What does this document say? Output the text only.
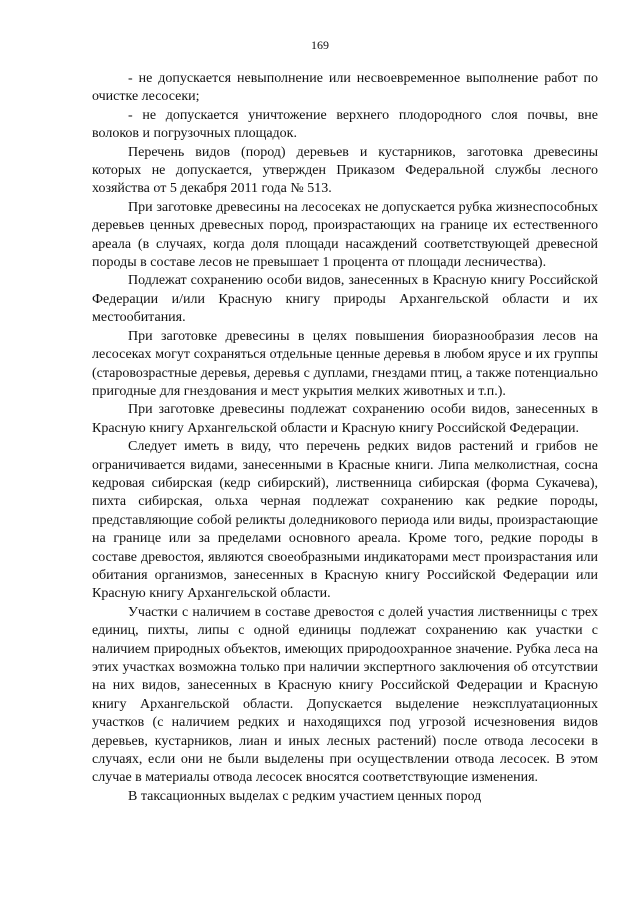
169

- не допускается невыполнение или несвоевременное выполнение работ по очистке лесосеки;

- не допускается уничтожение верхнего плодородного слоя почвы, вне волоков и погрузочных площадок.

Перечень видов (пород) деревьев и кустарников, заготовка древесины которых не допускается, утвержден Приказом Федеральной службы лесного хозяйства от 5 декабря 2011 года № 513.

При заготовке древесины на лесосеках не допускается рубка жизнеспособных деревьев ценных древесных пород, произрастающих на границе их естественного ареала (в случаях, когда доля площади насаждений соответствующей древесной породы в составе лесов не превышает 1 процента от площади лесничества).

Подлежат сохранению особи видов, занесенных в Красную книгу Российской Федерации и/или Красную книгу природы Архангельской области и их местообитания.

При заготовке древесины в целях повышения биоразнообразия лесов на лесосеках могут сохраняться отдельные ценные деревья в любом ярусе и их группы (старовозрастные деревья, деревья с дуплами, гнездами птиц, а также потенциально пригодные для гнездования и мест укрытия мелких животных и т.п.).

При заготовке древесины подлежат сохранению особи видов, занесенных в Красную книгу Архангельской области и Красную книгу Российской Федерации.

Следует иметь в виду, что перечень редких видов растений и грибов не ограничивается видами, занесенными в Красные книги. Липа мелколистная, сосна кедровая сибирская (кедр сибирский), лиственница сибирская (форма Сукачева), пихта сибирская, ольха черная подлежат сохранению как редкие породы, представляющие собой реликты доледникового периода или виды, произрастающие на границе или за пределами основного ареала. Кроме того, редкие породы в составе древостоя, являются своеобразными индикаторами мест произрастания или обитания организмов, занесенных в Красную книгу Российской Федерации или Красную книгу Архангельской области.

Участки с наличием в составе древостоя с долей участия лиственницы с трех единиц, пихты, липы с одной единицы подлежат сохранению как участки с наличием природных объектов, имеющих природоохранное значение. Рубка леса на этих участках возможна только при наличии экспертного заключения об отсутствии на них видов, занесенных в Красную книгу Российской Федерации и Красную книгу Архангельской области. Допускается выделение неэксплуатационных участков (с наличием редких и находящихся под угрозой исчезновения видов деревьев, кустарников, лиан и иных лесных растений) после отвода лесосеки в случаях, если они не были выделены при осуществлении отвода лесосек. В этом случае в материалы отвода лесосек вносятся соответствующие изменения.

В таксационных выделах с редким участием ценных пород
